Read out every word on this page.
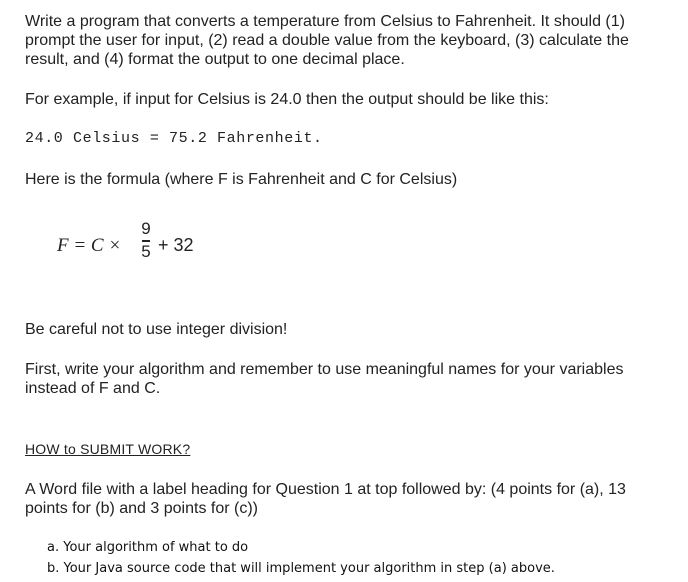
Write a program that converts a temperature from Celsius to Fahrenheit. It should (1)
prompt the user for input, (2) read a double value from the keyboard, (3) calculate the
result, and (4) format the output to one decimal place.
For example, if input for Celsius is 24.0 then the output should be like this:
24.0 Celsius = 75.2 Fahrenheit.
Here is the formula (where F is Fahrenheit and C for Celsius)
F = C ×
9
5 + 32
Be careful not to use integer division!
First, write your algorithm and remember to use meaningful names for your variables
instead of F and C.
HOW to SUBMIT WORK?
A Word file with a label heading for Question 1 at top followed by: (4 points for (a), 13
points for (b) and 3 points for (c))
a. Your algorithm of what to do
b. Your Java source code that will implement your algorithm in step (a) above.
